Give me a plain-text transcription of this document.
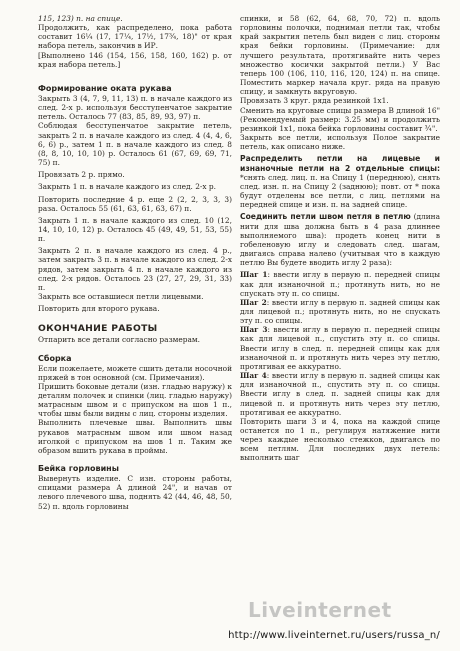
115, 123) п. на спице.

Продолжить, как распределено, пока работа составит 16¼ (17, 17¼, 17½, 17¾, 18)" от края набора петель, закончив в ИР.

[Выполнено 146 (154, 156, 158, 160, 162) р. от края набора петель.]

Формирование оката рукава

Закрыть 3 (4, 7, 9, 11, 13) п. в начале каждого из след. 2-х р. используя бесступенчатое закрытие петель. Осталось 77 (83, 85, 89, 93, 97) п.

Соблюдая бесступенчатое закрытие петель, закрыть 2 п. в начале каждого из след. 4 (4, 4, 6, 6, 6) р., затем 1 п. в начале каждого из след. 8 (8, 8, 10, 10, 10) р. Осталось 61 (67, 69, 69, 71, 75) п.

Провязать 2 р. прямо.

Закрыть 1 п. в начале каждого из след. 2-х р.

Повторить последние 4 р. еще 2 (2, 2, 3, 3, 3) раза. Осталось 55 (61, 63, 61, 63, 67) п.

Закрыть 1 п. в начале каждого из след. 10 (12, 14, 10, 10, 12) р. Осталось 45 (49, 49, 51, 53, 55) п.

Закрыть 2 п. в начале каждого из след. 4 р., затем закрыть 3 п. в начале каждого из след. 2-х рядов, затем закрыть 4 п. в начале каждого из след. 2-х рядов. Осталось 23 (27, 27, 29, 31, 33) п.

Закрыть все оставшиеся петли лицевыми.

Повторить для второго рукава.

ОКОНЧАНИЕ РАБОТЫ

Отпарить все детали согласно размерам.

Сборка

Если пожелаете, можете сшить детали носочной пряжей в тон основной (см. Примечания).

Пришить боковые детали (изн. гладью наружу) к деталям полочек и спинки (лиц. гладью наружу) матрасным швом и с припуском на шов 1 п., чтобы швы были видны с лиц. стороны изделия.

Выполнить плечевые швы. Выполнить швы рукавов матрасным швом или швом назад иголкой с припуском на шов 1 п. Таким же образом вшить рукава в проймы.

Бейка горловины

Вывернуть изделие. С изн. стороны работы, спицами размера А длиной 24", и начав от левого плечевого шва, поднять 42 (44, 46, 48, 50, 52) п. вдоль горловины

спинки, и 58 (62, 64, 68, 70, 72) п. вдоль горловины полочки, поднимая петли так, чтобы край закрытия петель был виден с лиц. стороны края бейки горловины. (Примечание: для лучшего результата, протягивайте нить через множество косички закрытой петли.) У Вас теперь 100 (106, 110, 116, 120, 124) п. на спице. Поместить маркер начала круг. ряда на правую спицу, и замкнуть вкруговую.

Провязать 3 круг. ряда резинкой 1x1.

Сменить на круговые спицы размера В длиной 16" (Рекомендуемый размер: 3.25 мм) и продолжить резинкой 1x1, пока бейка горловины составит ¾".

Закрыть все петли, используя Полое закрытие петель, как описано ниже.

Распределить петли на лицевые и изнаночные петли на 2 отдельные спицы: *снять след. лиц. п. на Спицу 1 (переднюю), снять след. изн. п. на Спицу 2 (заднюю); повт. от * пока будут отделены все петли, с лиц. петлями на передней спице и изн. п. на задней спице.

Соединить петли швом петля в петлю (длина нити для шва должна быть в 4 раза длиннее выполняемого шва): продеть конец нити в гобеленовую иглу и следовать след. шагам, двигаясь справа налево (учитывая что в каждую петлю Вы будете вводить иглу 2 раза):

Шаг 1: ввести иглу в первую п. передней спицы как для изнаночной п.; протянуть нить, но не спускать эту п. со спицы.

Шаг 2: ввести иглу в первую п. задней спицы как для лицевой п.; протянуть нить, но не спускать эту п. со спицы.

Шаг 3: ввести иглу в первую п. передней спицы как для лицевой п., спустить эту п. со спицы. Ввести иглу в след. п. передней спицы как для изнаночной п. и протянуть нить через эту петлю, протягивая ее аккуратно.

Шаг 4: ввести иглу в первую п. задней спицы как для изнаночной п., спустить эту п. со спицы. Ввести иглу в след. п. задней спицы как для лицевой п. и протянуть нить через эту петлю, протягивая ее аккуратно.

Повторить шаги 3 и 4, пока на каждой спице останется по 1 п., регулируя натяжение нити через каждые несколько стежков, двигаясь по всем петлям. Для последних двух петель: выполнить шаг

Liveinternet
http://www.liveinternet.ru/users/russa_n/
